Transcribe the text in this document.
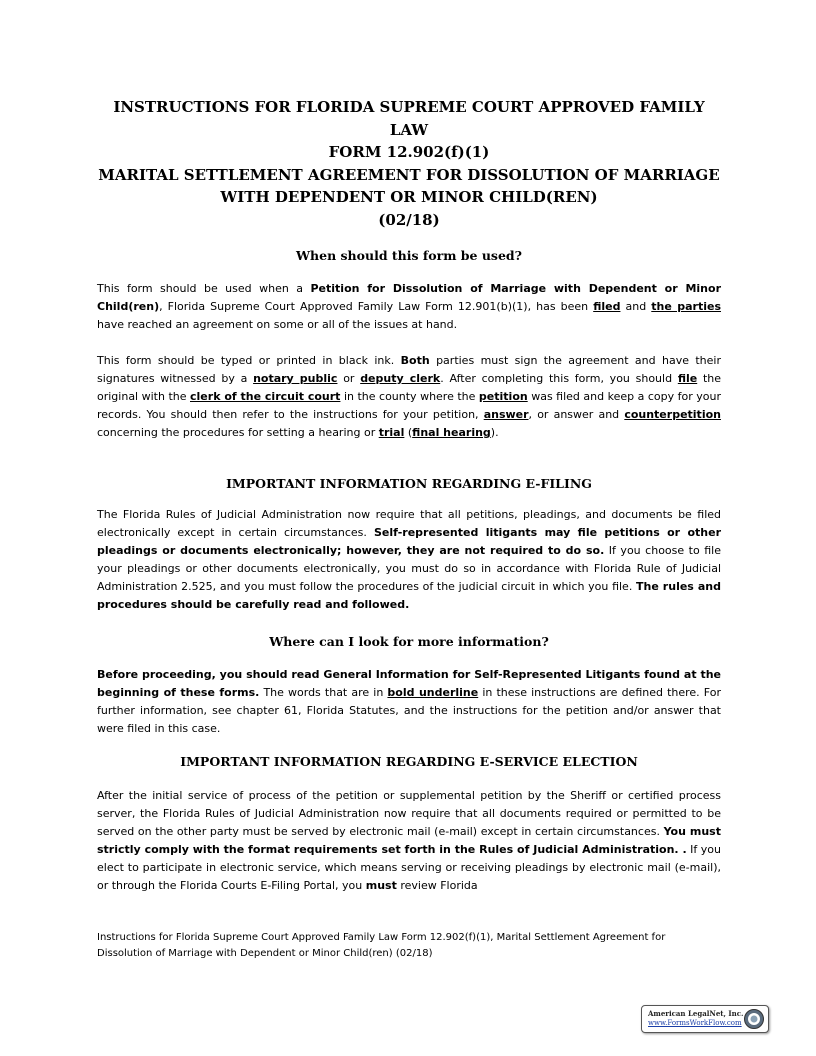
INSTRUCTIONS FOR FLORIDA SUPREME COURT APPROVED FAMILY LAW
FORM 12.902(f)(1)
MARITAL SETTLEMENT AGREEMENT FOR DISSOLUTION OF MARRIAGE
WITH DEPENDENT OR MINOR CHILD(REN)
(02/18)
When should this form be used?

This form should be used when a Petition for Dissolution of Marriage with Dependent or Minor Child(ren), Florida Supreme Court Approved Family Law Form 12.901(b)(1), has been filed and the parties have reached an agreement on some or all of the issues at hand.

This form should be typed or printed in black ink. Both parties must sign the agreement and have their signatures witnessed by a notary public or deputy clerk. After completing this form, you should file the original with the clerk of the circuit court in the county where the petition was filed and keep a copy for your records. You should then refer to the instructions for your petition, answer, or answer and counterpetition concerning the procedures for setting a hearing or trial (final hearing).

IMPORTANT INFORMATION REGARDING E-FILING

The Florida Rules of Judicial Administration now require that all petitions, pleadings, and documents be filed electronically except in certain circumstances. Self-represented litigants may file petitions or other pleadings or documents electronically; however, they are not required to do so. If you choose to file your pleadings or other documents electronically, you must do so in accordance with Florida Rule of Judicial Administration 2.525, and you must follow the procedures of the judicial circuit in which you file. The rules and procedures should be carefully read and followed.

Where can I look for more information?

Before proceeding, you should read General Information for Self-Represented Litigants found at the beginning of these forms. The words that are in bold underline in these instructions are defined there. For further information, see chapter 61, Florida Statutes, and the instructions for the petition and/or answer that were filed in this case.

IMPORTANT INFORMATION REGARDING E-SERVICE ELECTION

After the initial service of process of the petition or supplemental petition by the Sheriff or certified process server, the Florida Rules of Judicial Administration now require that all documents required or permitted to be served on the other party must be served by electronic mail (e-mail) except in certain circumstances. You must strictly comply with the format requirements set forth in the Rules of Judicial Administration. . If you elect to participate in electronic service, which means serving or receiving pleadings by electronic mail (e-mail), or through the Florida Courts E-Filing Portal, you must review Florida

Instructions for Florida Supreme Court Approved Family Law Form 12.902(f)(1), Marital Settlement Agreement for
Dissolution of Marriage with Dependent or Minor Child(ren) (02/18)
American LegalNet, Inc.
www.FormsWorkFlow.com
